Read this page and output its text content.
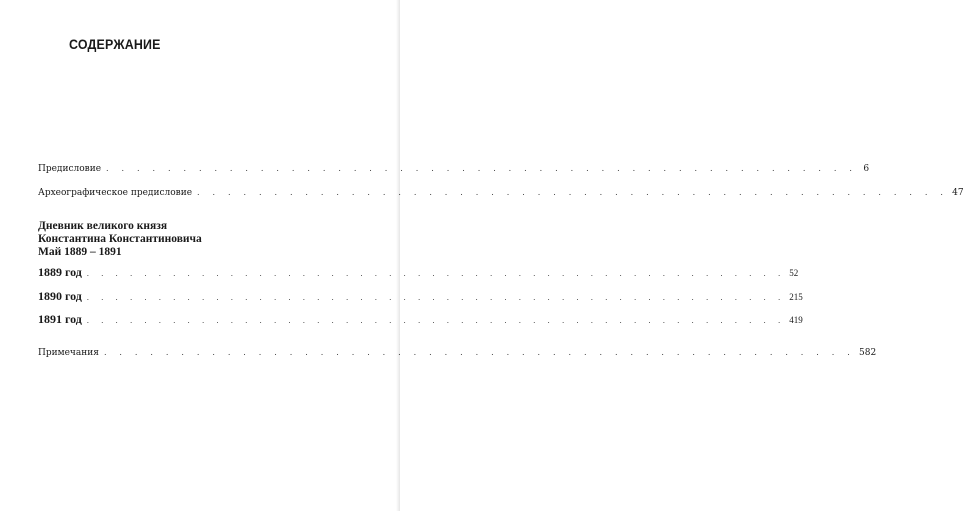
СОДЕРЖАНИЕ
Предисловие . . . . . . . . . . . . . . . . . . . . . . . . . . . . . . . . . . . . . . . . . . . . . . . . . 6
Археографическое предисловие . . . . . . . . . . . . . . . . . . . . . . . . . . . . . . . . . . . . . . . . . . . . . . . . . 47
Дневник великого князя
Константина Константиновича
Май 1889 – 1891
1889 год . . . . . . . . . . . . . . . . . . . . . . . . . . . . . . . . . . . . . . . . . . . . . . . . . 52
1890 год . . . . . . . . . . . . . . . . . . . . . . . . . . . . . . . . . . . . . . . . . . . . . . . . . 215
1891 год . . . . . . . . . . . . . . . . . . . . . . . . . . . . . . . . . . . . . . . . . . . . . . . . . 419
Примечания . . . . . . . . . . . . . . . . . . . . . . . . . . . . . . . . . . . . . . . . . . . . . . . . . 582
